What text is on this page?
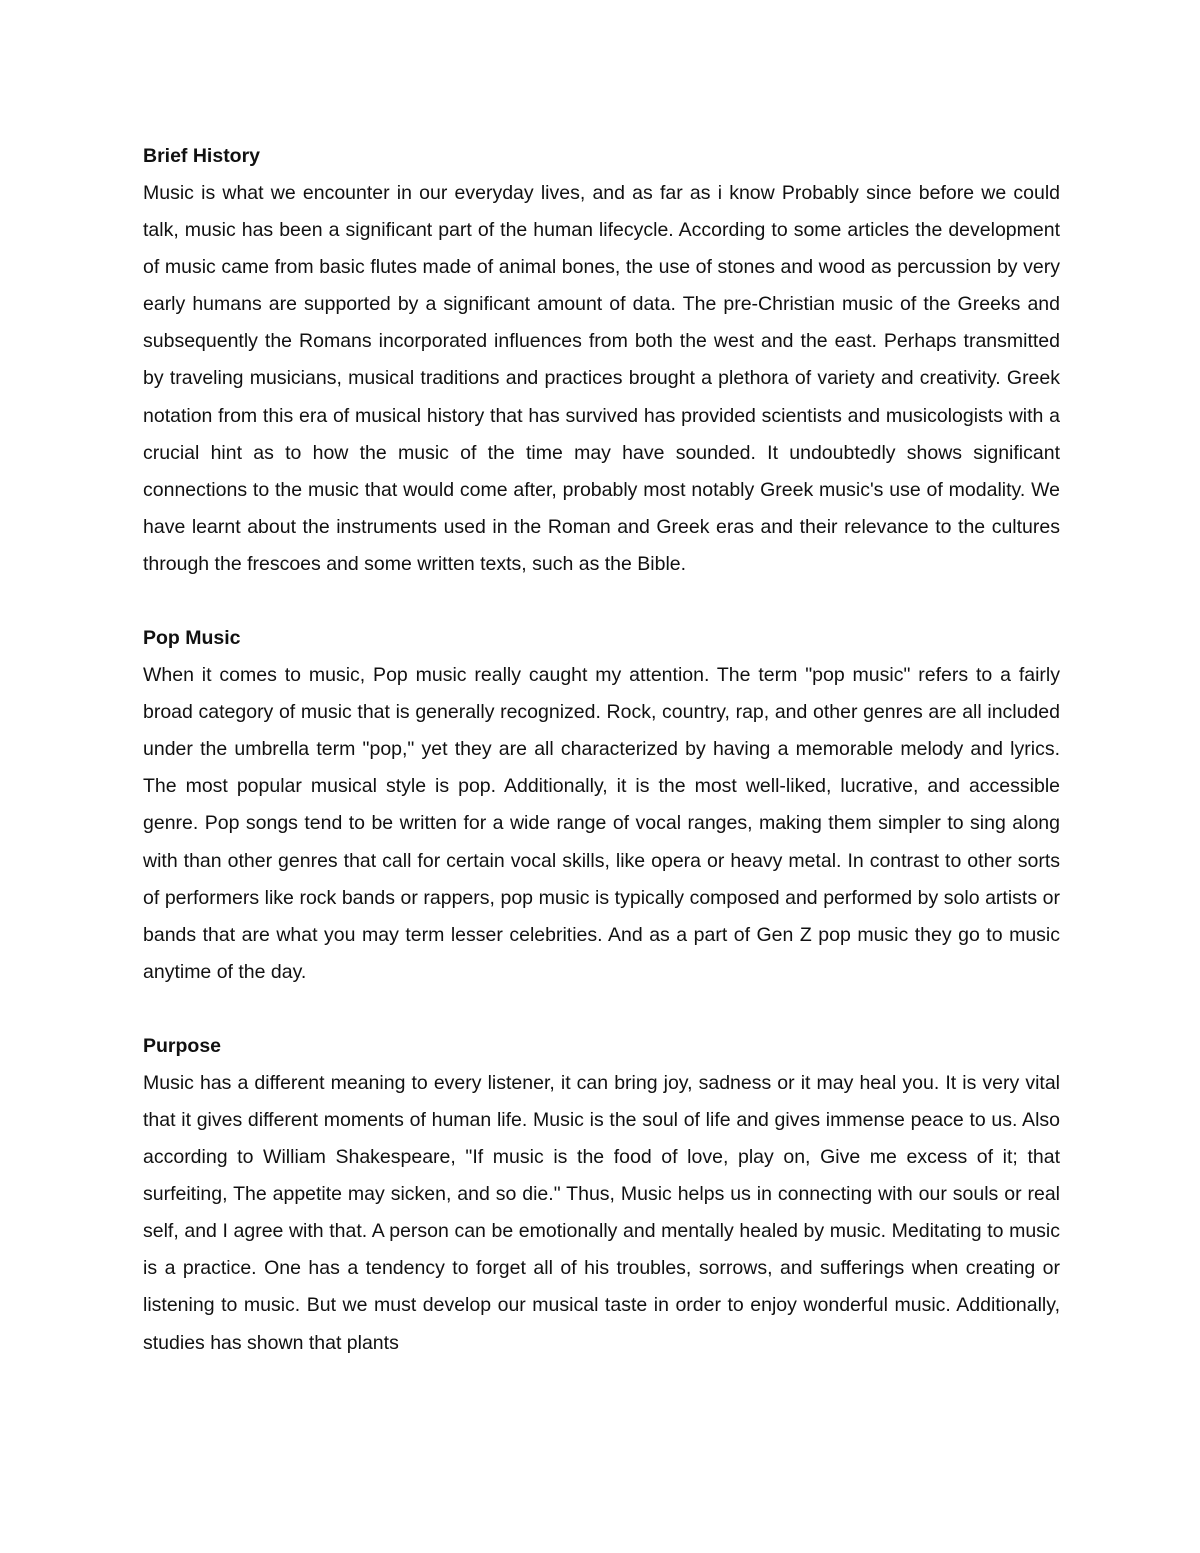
Brief History

Music is what we encounter in our everyday lives, and as far as i know Probably since before we could talk, music has been a significant part of the human lifecycle. According to some articles the development of music came from basic flutes made of animal bones, the use of stones and wood as percussion by very early humans are supported by a significant amount of data. The pre-Christian music of the Greeks and subsequently the Romans incorporated influences from both the west and the east. Perhaps transmitted by traveling musicians, musical traditions and practices brought a plethora of variety and creativity. Greek notation from this era of musical history that has survived has provided scientists and musicologists with a crucial hint as to how the music of the time may have sounded. It undoubtedly shows significant connections to the music that would come after, probably most notably Greek music's use of modality. We have learnt about the instruments used in the Roman and Greek eras and their relevance to the cultures through the frescoes and some written texts, such as the Bible.

Pop Music

When it comes to music, Pop music really caught my attention. The term "pop music" refers to a fairly broad category of music that is generally recognized. Rock, country, rap, and other genres are all included under the umbrella term "pop," yet they are all characterized by having a memorable melody and lyrics. The most popular musical style is pop. Additionally, it is the most well-liked, lucrative, and accessible genre. Pop songs tend to be written for a wide range of vocal ranges, making them simpler to sing along with than other genres that call for certain vocal skills, like opera or heavy metal. In contrast to other sorts of performers like rock bands or rappers, pop music is typically composed and performed by solo artists or bands that are what you may term lesser celebrities. And as a part of Gen Z pop music they go to music anytime of the day.

Purpose

Music has a different meaning to every listener, it can bring joy, sadness or it may heal you. It is very vital that it gives different moments of human life. Music is the soul of life and gives immense peace to us. Also according to William Shakespeare, "If music is the food of love, play on, Give me excess of it; that surfeiting, The appetite may sicken, and so die." Thus, Music helps us in connecting with our souls or real self, and I agree with that. A person can be emotionally and mentally healed by music. Meditating to music is a practice. One has a tendency to forget all of his troubles, sorrows, and sufferings when creating or listening to music. But we must develop our musical taste in order to enjoy wonderful music. Additionally, studies has shown that plants
